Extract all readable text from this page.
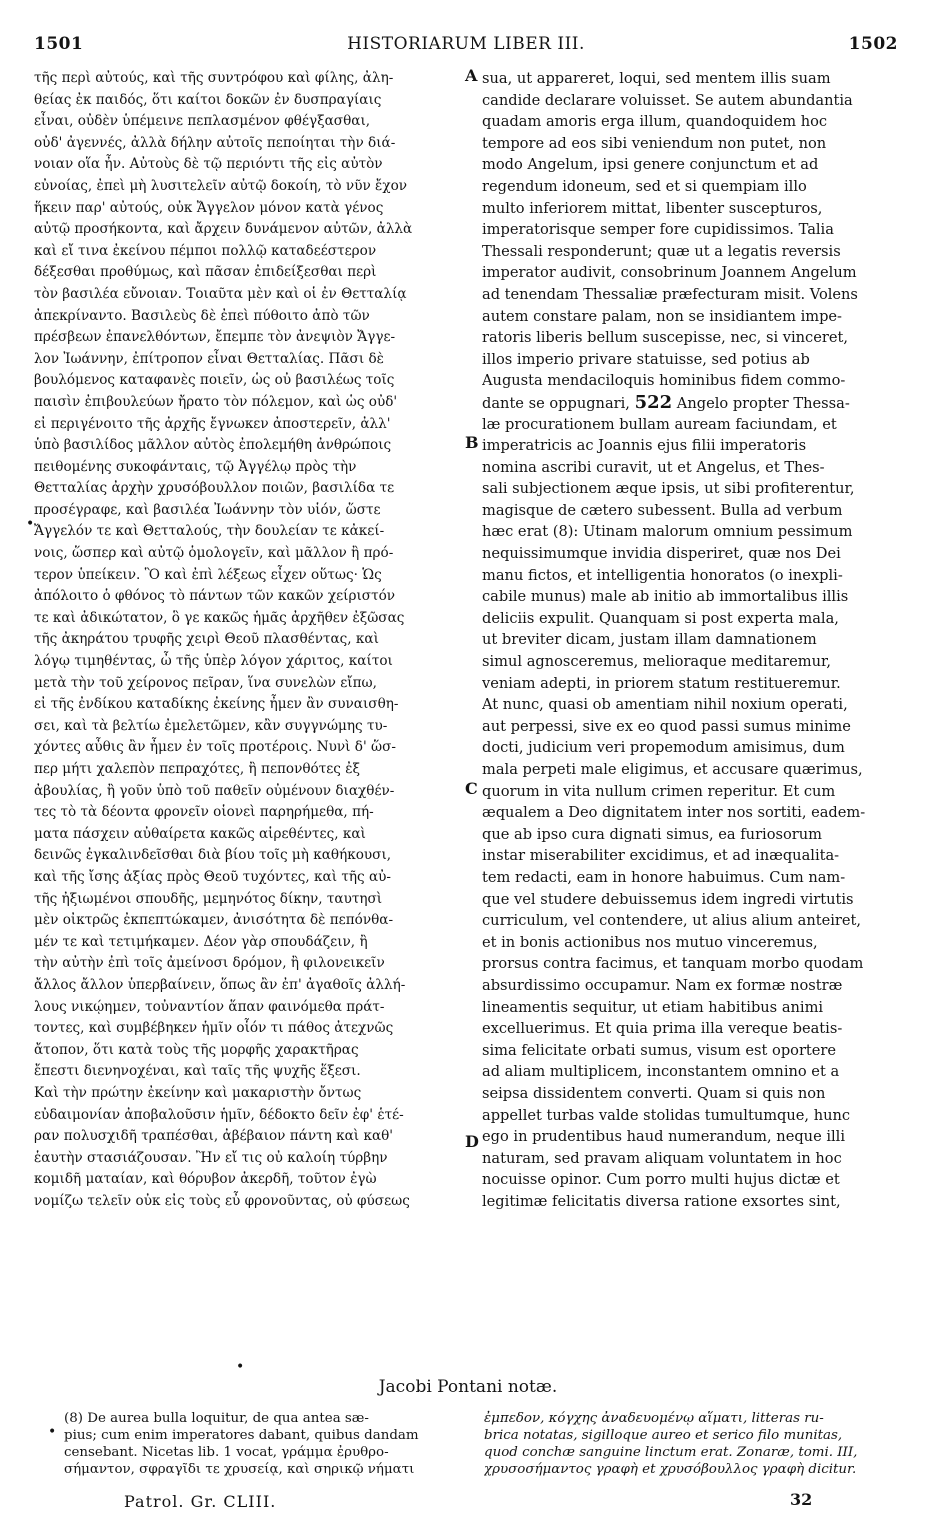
1501	HISTORIARUM LIBER III.	1502
τῆς περὶ αὐτούς, καὶ τῆς συντρόφου καὶ φίλης, ἀλη-
θείας ἐκ παιδός, ὅτι καίτοι δοκῶν ἐν δυσπραγίαις
εἶναι, οὐδὲν ὑπέμεινε πεπλασμένον φθέγξασθαι,
οὐδ' ἀγεννές, ἀλλὰ δήλην αὐτοῖς πεποίηται τὴν διά-
νοιαν οἵα ἦν. Αὐτοὺς δὲ τῷ περιόντι τῆς εἰς αὐτὸν
εὐνοίας, ἐπεὶ μὴ λυσιτελεῖν αὐτῷ δοκοίη, τὸ νῦν ἔχον
ἥκειν παρ' αὐτούς, οὐκ Ἄγγελον μόνον κατὰ γένος
αὐτῷ προσήκοντα, καὶ ἄρχειν δυνάμενον αὐτῶν, ἀλλὰ
καὶ εἴ τινα ἐκείνου πέμποι πολλῷ καταδεέστερον
δέξεσθαι προθύμως, καὶ πᾶσαν ἐπιδείξεσθαι περὶ
τὸν βασιλέα εὔνοιαν. Τοιαῦτα μὲν καὶ οἱ ἐν Θετταλίᾳ
ἀπεκρίναντο. Βασιλεὺς δὲ ἐπεὶ πύθοιτο ἀπὸ τῶν
πρέσβεων ἐπανελθόντων, ἔπεμπε τὸν ἀνεψιὸν Ἄγγε-
λον Ἰωάννην, ἐπίτροπον εἶναι Θετταλίας. Πᾶσι δὲ
βουλόμενος καταφανὲς ποιεῖν, ὡς οὐ βασιλέως τοῖς
παισὶν ἐπιβουλεύων ἤρατο τὸν πόλεμον, καὶ ὡς οὐδ'
εἰ περιγένοιτο τῆς ἀρχῆς ἔγνωκεν ἀποστερεῖν, ἀλλ'
ὑπὸ βασιλίδος μᾶλλον αὐτὸς ἐπολεμήθη ἀνθρώποις
πειθομένης συκοφάνταις, τῷ Ἀγγέλῳ πρὸς τὴν
Θετταλίας ἀρχὴν χρυσόβουλλον ποιῶν, βασιλίδα τε
προσέγραφε, καὶ βασιλέα Ἰωάννην τὸν υἱόν, ὥστε
Ἄγγελόν τε καὶ Θετταλούς, τὴν δουλείαν τε κἀκεί-
νοις, ὥσπερ καὶ αὐτῷ ὁμολογεῖν, καὶ μᾶλλον ἢ πρό-
τερον ὑπείκειν. Ὃ καὶ ἐπὶ λέξεως εἶχεν οὕτως· Ὡς
ἀπόλοιτο ὁ φθόνος τὸ πάντων τῶν κακῶν χείριστόν
τε καὶ ἀδικώτατον, ὃ γε κακῶς ἡμᾶς ἀρχῆθεν ἐξῶσας
τῆς ἀκηράτου τρυφῆς χειρὶ Θεοῦ πλασθέντας, καὶ
λόγῳ τιμηθέντας, ὦ τῆς ὑπὲρ λόγον χάριτος, καίτοι
μετὰ τὴν τοῦ χείρονος πεῖραν, ἵνα συνελὼν εἴπω,
εἰ τῆς ἐνδίκου καταδίκης ἐκείνης ἦμεν ἂν συναισθη-
σει, καὶ τὰ βελτίω ἐμελετῶμεν, κἂν συγγνώμης τυ-
χόντες αὖθις ἂν ἦμεν ἐν τοῖς προτέροις. Νυνὶ δ' ὥσ-
περ μήτι χαλεπὸν πεπραχότες, ἢ πεπονθότες ἐξ
ἀβουλίας, ἢ γοῦν ὑπὸ τοῦ παθεῖν οὐμένουν διαχθέν-
τες τὸ τὰ δέοντα φρονεῖν οἱονεὶ παρηρήμεθα, πή-
ματα πάσχειν αὐθαίρετα κακῶς αἱρεθέντες, καὶ
δεινῶς ἐγκαλινδεῖσθαι διὰ βίου τοῖς μὴ καθήκουσι,
καὶ τῆς ἴσης ἀξίας πρὸς Θεοῦ τυχόντες, καὶ τῆς αὐ-
τῆς ἠξιωμένοι σπουδῆς, μεμηνότος δίκην, ταυτησὶ
μὲν οἰκτρῶς ἐκπεπτώκαμεν, ἀνισότητα δὲ πεπόνθα-
μέν τε καὶ τετιμήκαμεν. Δέον γὰρ σπουδάζειν, ἢ
τὴν αὐτὴν ἐπὶ τοῖς ἀμείνοσι δρόμον, ἢ φιλονεικεῖν
ἄλλος ἄλλον ὑπερβαίνειν, ὅπως ἂν ἐπ' ἀγαθοῖς ἀλλή-
λους νικῴημεν, τοὐναντίον ἅπαν φαινόμεθα πράτ-
τοντες, καὶ συμβέβηκεν ἡμῖν οἷόν τι πάθος ἀτεχνῶς
ἄτοπον, ὅτι κατὰ τοὺς τῆς μορφῆς χαρακτῆρας
ἔπεστι διενηνοχέναι, καὶ ταῖς τῆς ψυχῆς ἕξεσι.
Καὶ τὴν πρώτην ἐκείνην καὶ μακαριστὴν ὄντως
εὐδαιμονίαν ἀποβαλοῦσιν ἡμῖν, δέδοκτο δεῖν ἐφ' ἑτέ-
ραν πολυσχιδῆ τραπέσθαι, ἀβέβαιον πάντη καὶ καθ'
ἑαυτὴν στασιάζουσαν. Ἢν εἴ τις οὐ καλοίη τύρβην
κομιδῆ ματαίαν, καὶ θόρυβον ἀκερδῆ, τοῦτον ἐγὼ
νομίζω τελεῖν οὐκ εἰς τοὺς εὖ φρονοῦντας, οὐ φύσεως
sua, ut appareret, loqui, sed mentem illis suam
candide declarare voluisset. Se autem abundantia
quadam amoris erga illum, quandoquidem hoc
tempore ad eos sibi veniendum non putet, non
modo Angelum, ipsi genere conjunctum et ad
regendum idoneum, sed et si quempiam illo
multo inferiorem mittat, libenter suscepturos,
imperatorisque semper fore cupidissimos. Talia
Thessali responderunt; quæ ut a legatis reversis
imperator audivit, consobrinum Joannem Angelum
ad tenendam Thessaliæ præfecturam misit. Volens
autem constare palam, non se insidiantem impe-
ratoris liberis bellum suscepisse, nec, si vinceret,
illos imperio privare statuisse, sed potius ab
Augusta mendaciloquis hominibus fidem commo-
dante se oppugnari, 522 Angelo propter Thessa-
læ procurationem bullam auream faciundam, et
imperatricis ac Joannis ejus filii imperatoris
nomina ascribi curavit, ut et Angelus, et Thes-
sali subjectionem æque ipsis, ut sibi profiterentur,
magisque de cætero subessent. Bulla ad verbum
hæc erat (8): Utinam malorum omnium pessimum
nequissimumque invidia disperiret, quæ nos Dei
manu fictos, et intelligentia honoratos (o inexpli-
cabile munus) male ab initio ab immortalibus illis
deliciis expulit. Quanquam si post experta mala,
ut breviter dicam, justam illam damnationem
simul agnosceremus, melioraque meditaremur,
veniam adepti, in priorem statum restitueremur.
At nunc, quasi ob amentiam nihil noxium operati,
aut perpessi, sive ex eo quod passi sumus minime
docti, judicium veri propemodum amisimus, dum
mala perpeti male eligimus, et accusare quærimus,
quorum in vita nullum crimen reperitur. Et cum
æqualem a Deo dignitatem inter nos sortiti, eadem-
que ab ipso cura dignati simus, ea furiosorum
instar miserabiliter excidimus, et ad inæqualita-
tem redacti, eam in honore habuimus. Cum nam-
que vel studere debuissemus idem ingredi virtutis
curriculum, vel contendere, ut alius alium anteiret,
et in bonis actionibus nos mutuo vinceremus,
prorsus contra facimus, et tanquam morbo quodam
absurdissimo occupamur. Nam ex formæ nostræ
lineamentis sequitur, ut etiam habitibus animi
excelluerimus. Et quia prima illa vereque beatis-
sima felicitate orbati sumus, visum est oportere
ad aliam multiplicem, inconstantem omnino et a
seipsa dissidentem converti. Quam si quis non
appellet turbas valde stolidas tumultumque, hunc
ego in prudentibus haud numerandum, neque illi
naturam, sed pravam aliquam voluntatem in hoc
nocuisse opinor. Cum porro multi hujus dictæ et
legitimæ felicitatis diversa ratione exsortes sint,
A
B
C
D
•
•
Jacobi Pontani notæ.
(8) De aurea bulla loquitur, de qua antea sæ-
pius; cum enim imperatores dabant, quibus dandam
censebant. Nicetas lib. 1 vocat, γράμμα ἐρυθρο-
σήμαντον, σφραγῖδι τε χρυσείᾳ, καὶ σηρικῷ νήματι
ἐμπεδον, κόγχης ἀναδευομένῳ αἵματι, litteras ru-
brica notatas, sigilloque aureo et serico filo munitas,
quod conchæ sanguine linctum erat. Zonaræ, tomi. III,
χρυσοσήμαντος γραφὴ et χρυσόβουλλος γραφὴ dicitur.
•
Patrol. Gr. CLIII.	32
